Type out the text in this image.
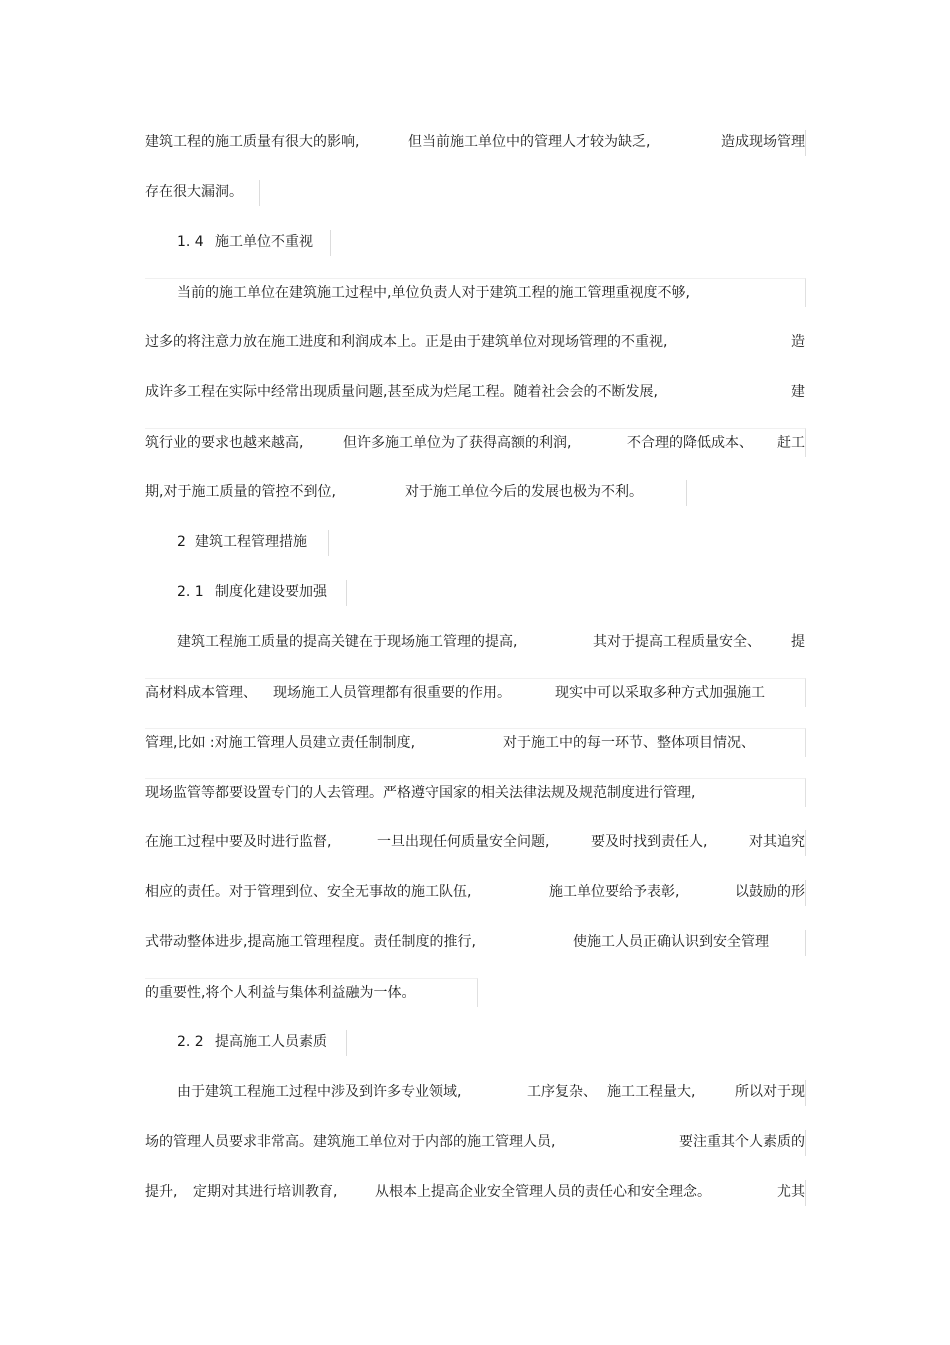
建筑工程的施工质量有很大的影响,	但当前施工单位中的管理人才较为缺乏,	造成现场管理
存在很大漏洞。
1. 4 施工单位不重视
当前的施工单位在建筑施工过程中,单位负责人对于建筑工程的施工管理重视度不够,
过多的将注意力放在施工进度和利润成本上。正是由于建筑单位对现场管理的不重视,	造
成许多工程在实际中经常出现质量问题,甚至成为烂尾工程。随着社会会的不断发展,	建
筑行业的要求也越来越高,	但许多施工单位为了获得高额的利润,	不合理的降低成本、 赶工
期,对于施工质量的管控不到位,	对于施工单位今后的发展也极为不利。
2 建筑工程管理措施
2. 1 制度化建设要加强
建筑工程施工质量的提高关键在于现场施工管理的提高,	其对于提高工程质量安全、 提
高材料成本管理、 现场施工人员管理都有很重要的作用。	现实中可以采取多种方式加强施工
管理,比如 :对施工管理人员建立责任制制度,	对于施工中的每一环节、整体项目情况、
现场监管等都要设置专门的人去管理。严格遵守国家的相关法律法规及规范制度进行管理,
在施工过程中要及时进行监督,	一旦出现任何质量安全问题,	要及时找到责任人,	对其追究
相应的责任。对于管理到位、安全无事故的施工队伍,	施工单位要给予表彰,	以鼓励的形
式带动整体进步,提高施工管理程度。责任制度的推行,	使施工人员正确认识到安全管理
的重要性,将个人利益与集体利益融为一体。
2. 2 提高施工人员素质
由于建筑工程施工过程中涉及到许多专业领域,	工序复杂、 施工工程量大,	所以对于现
场的管理人员要求非常高。建筑施工单位对于内部的施工管理人员,	要注重其个人素质的
提升, 定期对其进行培训教育,	从根本上提高企业安全管理人员的责任心和安全理念。	尤其
